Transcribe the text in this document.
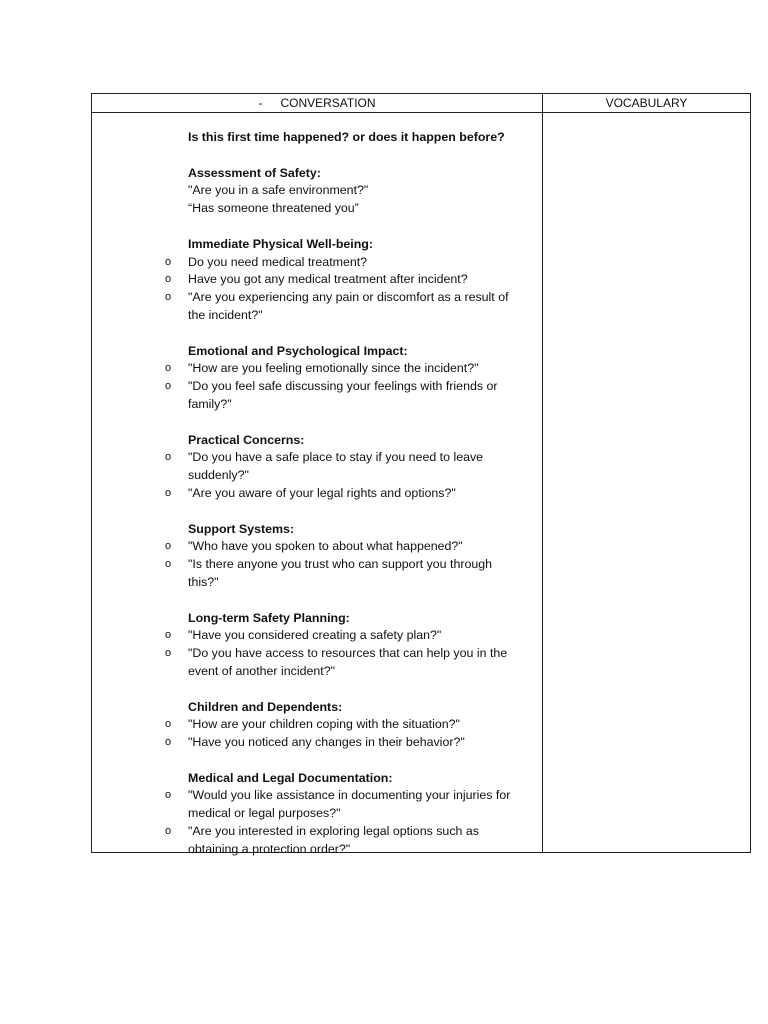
- CONVERSATION	VOCABULARY
Is this first time happened? or does it happen before?
Assessment of Safety:
"Are you in a safe environment?"
“Has someone threatened you”
Immediate Physical Well-being:
o Do you need medical treatment?
o Have you got any medical treatment after incident?
o "Are you experiencing any pain or discomfort as a result of
the incident?"
Emotional and Psychological Impact:
o "How are you feeling emotionally since the incident?"
o "Do you feel safe discussing your feelings with friends or
family?"
Practical Concerns:
o "Do you have a safe place to stay if you need to leave
suddenly?"
o "Are you aware of your legal rights and options?"
Support Systems:
o "Who have you spoken to about what happened?"
o "Is there anyone you trust who can support you through
this?"
Long-term Safety Planning:
o "Have you considered creating a safety plan?"
o "Do you have access to resources that can help you in the
event of another incident?"
Children and Dependents:
o "How are your children coping with the situation?"
o "Have you noticed any changes in their behavior?"
Medical and Legal Documentation:
o "Would you like assistance in documenting your injuries for
medical or legal purposes?"
o "Are you interested in exploring legal options such as
obtaining a protection order?"
